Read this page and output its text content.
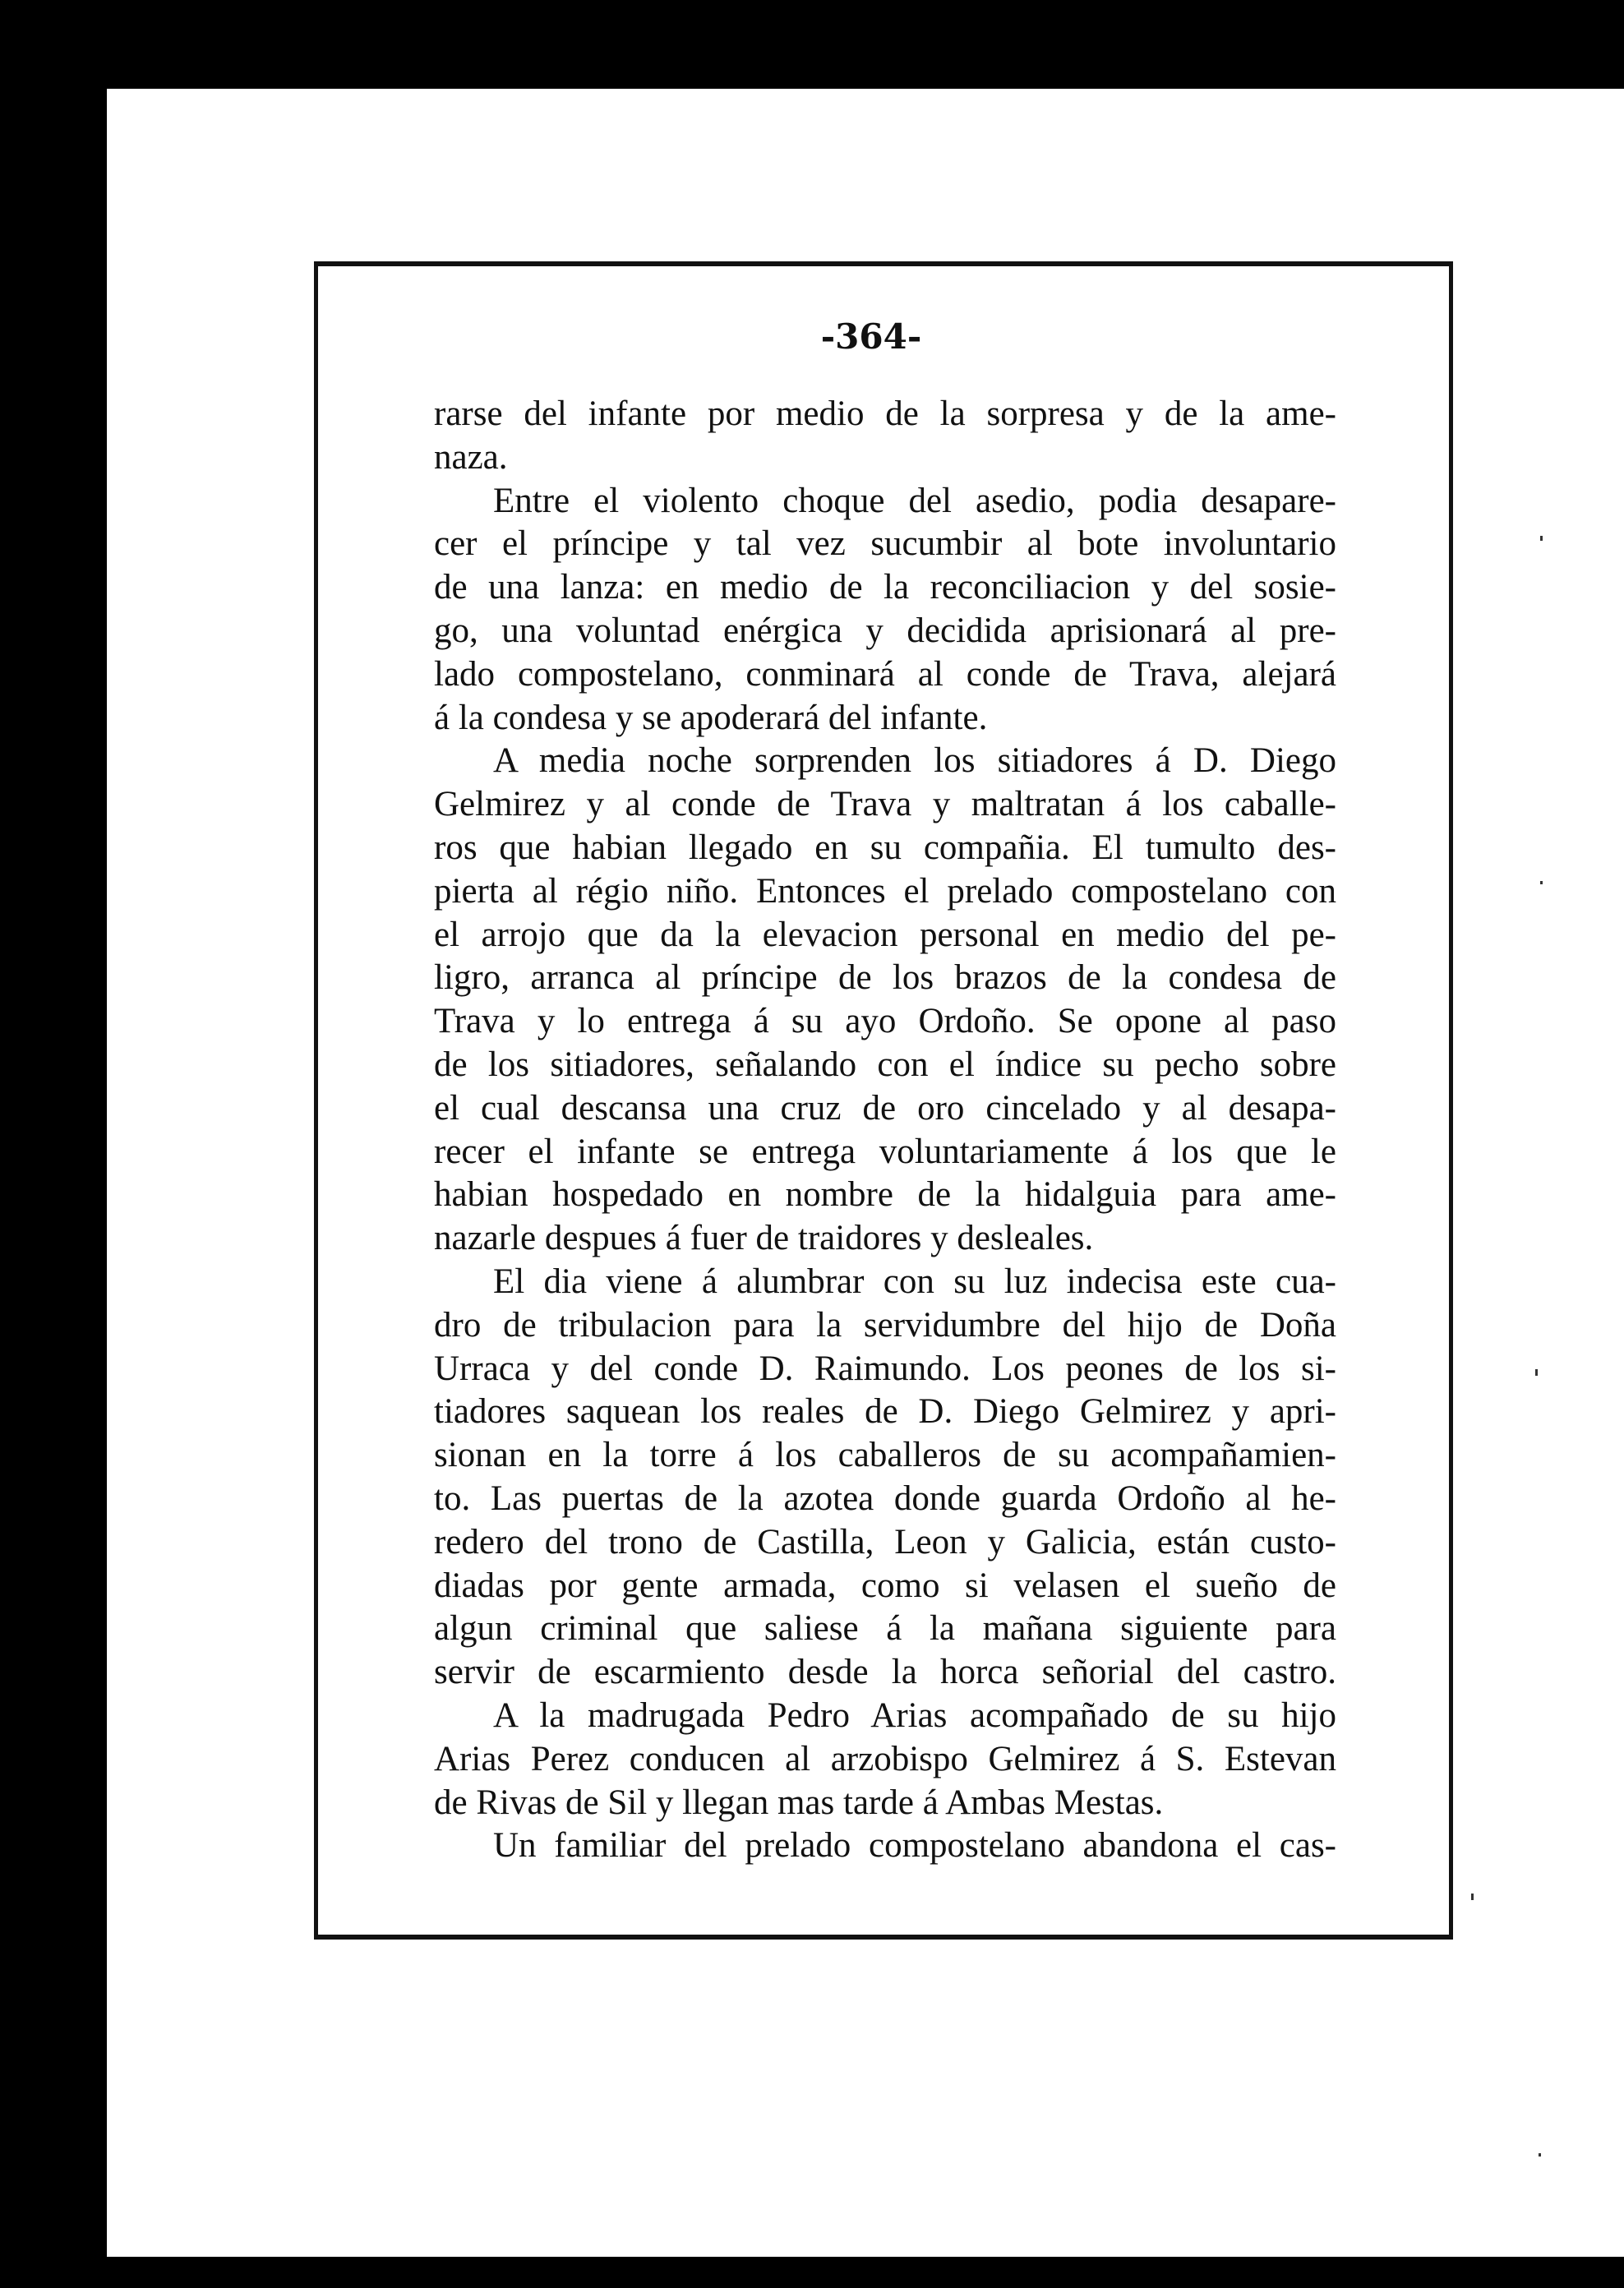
-364-
rarse del infante por medio de la sorpresa y de la ame-
naza.
Entre el violento choque del asedio, podia desapare-
cer el príncipe y tal vez sucumbir al bote involuntario
de una lanza: en medio de la reconciliacion y del sosie-
go, una voluntad enérgica y decidida aprisionará al pre-
lado compostelano, conminará al conde de Trava, alejará
á la condesa y se apoderará del infante.
A media noche sorprenden los sitiadores á D. Diego
Gelmirez y al conde de Trava y maltratan á los caballe-
ros que habian llegado en su compañia. El tumulto des-
pierta al régio niño. Entonces el prelado compostelano con
el arrojo que da la elevacion personal en medio del pe-
ligro, arranca al príncipe de los brazos de la condesa de
Trava y lo entrega á su ayo Ordoño. Se opone al paso
de los sitiadores, señalando con el índice su pecho sobre
el cual descansa una cruz de oro cincelado y al desapa-
recer el infante se entrega voluntariamente á los que le
habian hospedado en nombre de la hidalguia para ame-
nazarle despues á fuer de traidores y desleales.
El dia viene á alumbrar con su luz indecisa este cua-
dro de tribulacion para la servidumbre del hijo de Doña
Urraca y del conde D. Raimundo. Los peones de los si-
tiadores saquean los reales de D. Diego Gelmirez y apri-
sionan en la torre á los caballeros de su acompañamien-
to. Las puertas de la azotea donde guarda Ordoño al he-
redero del trono de Castilla, Leon y Galicia, están custo-
diadas por gente armada, como si velasen el sueño de
algun criminal que saliese á la mañana siguiente para
servir de escarmiento desde la horca señorial del castro.
A la madrugada Pedro Arias acompañado de su hijo
Arias Perez conducen al arzobispo Gelmirez á S. Estevan
de Rivas de Sil y llegan mas tarde á Ambas Mestas.
Un familiar del prelado compostelano abandona el cas-
